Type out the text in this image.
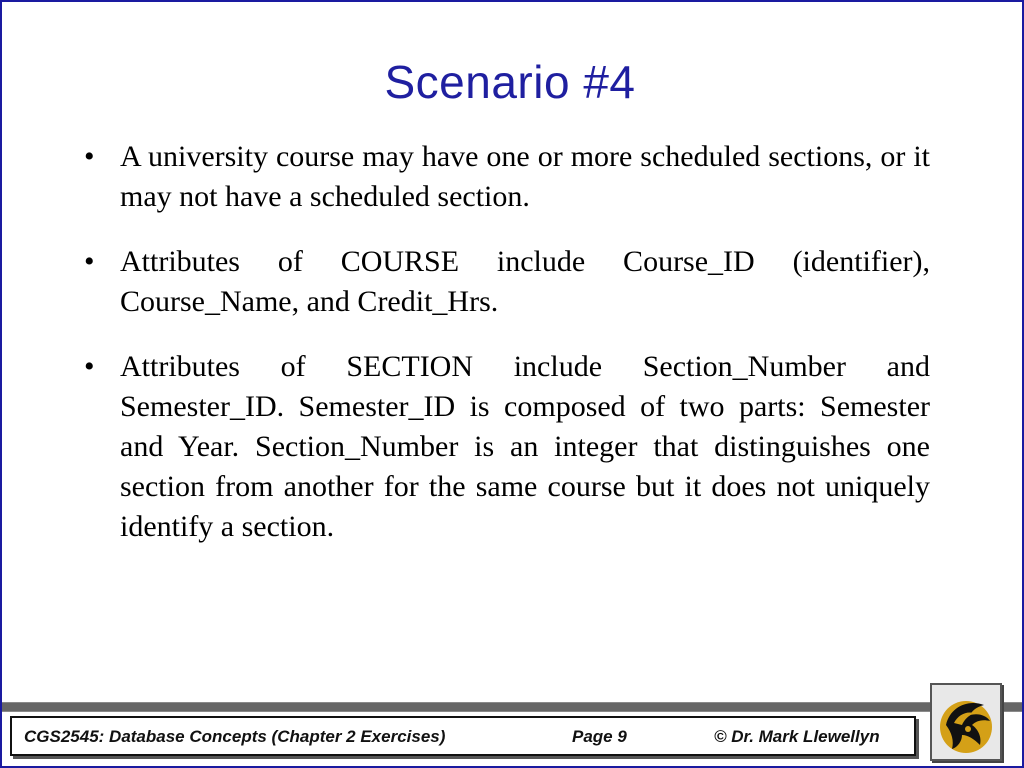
Scenario #4
• A university course may have one or more scheduled sections, or it may not have a scheduled section.
• Attributes of COURSE include Course_ID (identifier), Course_Name, and Credit_Hrs.
• Attributes of SECTION include Section_Number and Semester_ID. Semester_ID is composed of two parts: Semester and Year. Section_Number is an integer that distinguishes one section from another for the same course but it does not uniquely identify a section.
CGS2545: Database Concepts (Chapter 2 Exercises)	Page 9	© Dr. Mark Llewellyn
